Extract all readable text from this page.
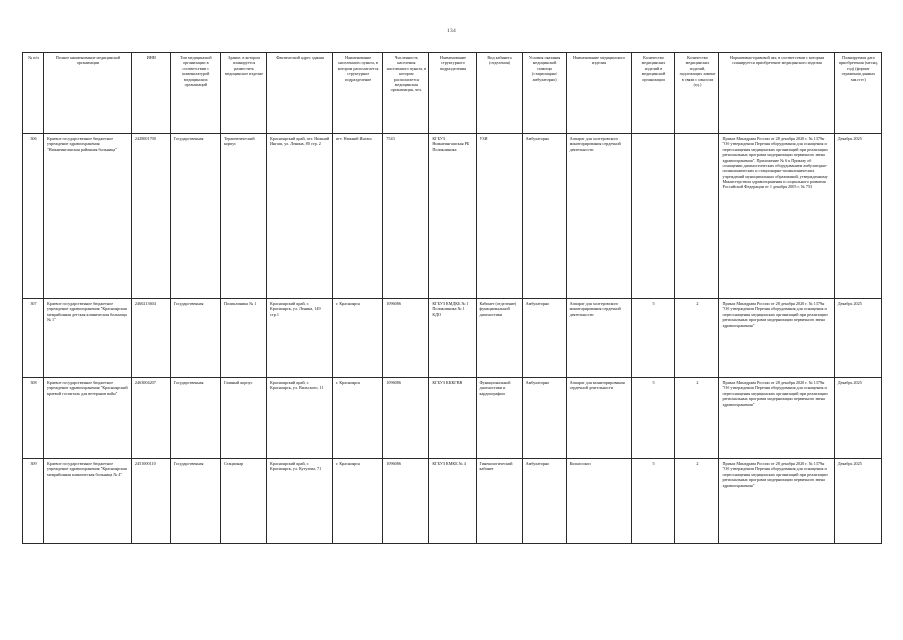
134
№ п/п	Полное наименование медицинской организации	ИНН	Тип медицинской организации в соответствии с номенклатурой медицинских организаций	Здание, в котором планируется разместить медицинское изделие	Фактический адрес здания	Наименование населенного пункта, в котором располагается структурное подразделение	Численность населения населенного пункта, в котором располагается медицинская организация, чел.	Наименование структурного подразделения	Вид кабинета (отделения)	Условия оказания медицинской помощи (стационарно/ амбулаторно)	Наименование медицинского изделия	Количество медицинских изделий в медицинской организации	Количество медицинских изделий, подлежащих замене в связи с износом (ед.)	Нормативно-правовой акт, в соответствии с которым планируется приобретение медицинского изделия	Планируемая дата приобретения (месяц, год) (формат отражения данных мм.гггг)
306	Краевое государственное бюджетное учреждение здравоохранения "Нижнеингашская районная больница"	2428001700	Государственная	Терапевтический корпус	Красноярский край, пгт. Нижний Ингаш, ул. Ленина, 80 стр. 2	пгт. Нижний Ингаш	7543	КГБУЗ Нижнеингашская РБ Поликлиника	УЗИ	Амбулаторно	Аппарат для холтеровского мониторирования сердечной деятельности			Приказ Минздрава России от 28 декабря 2020 г. № 1379н "Об утверждении Перечня оборудования для оснащения и переоснащения медицинских организаций при реализации региональных программ модернизации первичного звена здравоохранения". Приложение № 6 к Приказу об оснащении диагностических оборудованием амбулаторно-поликлинических и стационарно-поликлинических учреждений муниципальных образований, утвержденному Министерством здравоохранения и социального развития Российской Федерации от 1 декабря 2005 г. № 753	Декабрь 2025
307	Краевое государственное бюджетное учреждение здравоохранения "Красноярская межрайонная детская клиническая больница № 1"	2460213604	Государственная	Поликлиника № 1	Красноярский край, г. Красноярск, ул. Ленина, 149 стр.1	г. Красноярск	1096086	КГБУЗ КМДКБ № 1 Поликлиника № 1 КДО	Кабинет (отделение) функциональной диагностики	Амбулаторно	Аппарат для холтеровского мониторирования сердечной деятельности	5	2	Приказ Минздрава России от 28 декабря 2020 г. № 1379н "Об утверждении Перечня оборудования для оснащения и переоснащения медицинских организаций при реализации региональных программ модернизации первичного звена здравоохранения"	Декабрь 2025
308	Краевое государственное бюджетное учреждение здравоохранения "Красноярский краевой госпиталь для ветеранов войн"	2463004207	Государственная	Главный корпус	Красноярский край, г. Красноярск, ул. Вильского, 11	г. Красноярск	1096086	КГБУЗ КККГВВ	Функциональной диагностики и кардиографии	Амбулаторно	Аппарат для мониторирования сердечной деятельности	5	2	Приказ Минздрава России от 28 декабря 2020 г. № 1379н "Об утверждении Перечня оборудования для оснащения и переоснащения медицинских организаций при реализации региональных программ модернизации первичного звена здравоохранения"	Декабрь 2025
309	Краевое государственное бюджетное учреждение здравоохранения "Красноярская межрайонная клиническая больница № 4"	2451000110	Государственная	Стационар	Красноярский край, г. Красноярск, ул. Кутузова, 71	г. Красноярск	1096086	КГБУЗ КМКБ № 4	Гинекологический кабинет	Амбулаторно	Кольпоскоп	5	2	Приказ Минздрава России от 28 декабря 2020 г. № 1379н "Об утверждении Перечня оборудования для оснащения и переоснащения медицинских организаций при реализации региональных программ модернизации первичного звена здравоохранения"	Декабрь 2025
